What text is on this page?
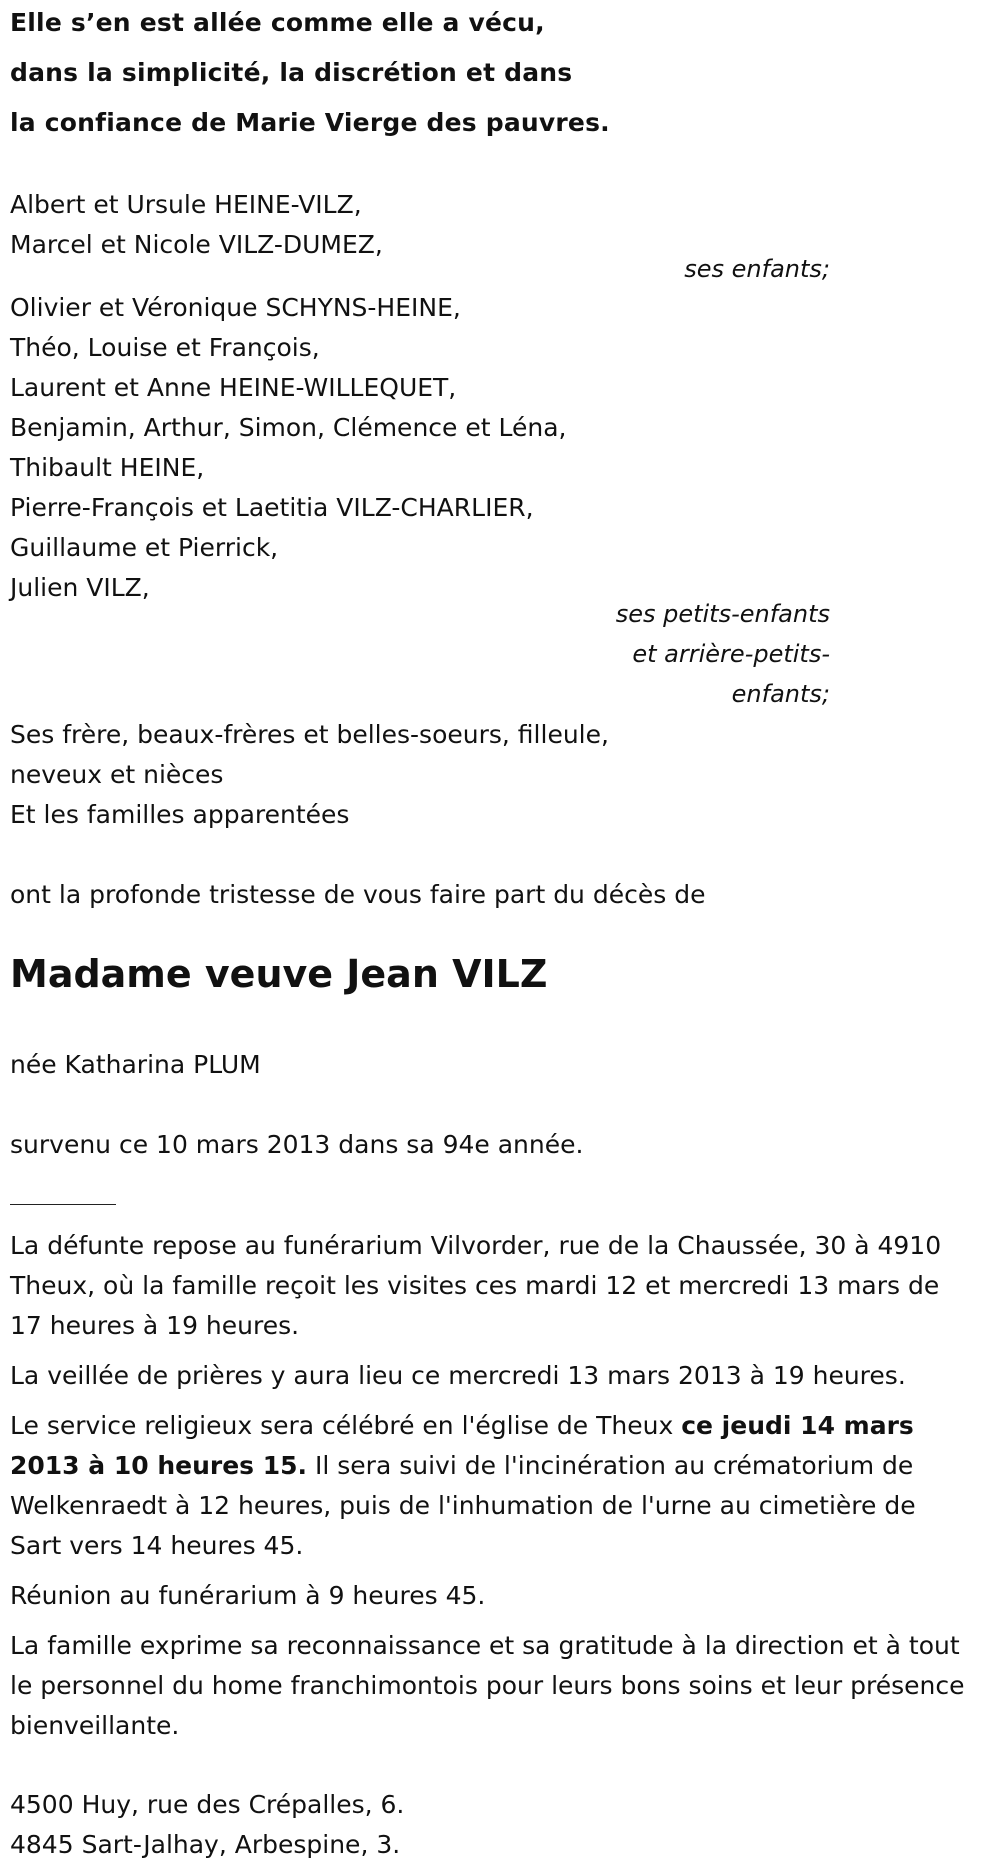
Elle s’en est allée comme elle a vécu,
dans la simplicité, la discrétion et dans
la confiance de Marie Vierge des pauvres.
Albert et Ursule HEINE-VILZ,
Marcel et Nicole VILZ-DUMEZ,
ses enfants;
Olivier et Véronique SCHYNS-HEINE,
Théo, Louise et François,
Laurent et Anne HEINE-WILLEQUET,
Benjamin, Arthur, Simon, Clémence et Léna,
Thibault HEINE,
Pierre-François et Laetitia VILZ-CHARLIER,
Guillaume et Pierrick,
Julien VILZ,
ses petits-enfants
et arrière-petits-
enfants;
Ses frère, beaux-frères et belles-soeurs, filleule,
neveux et nièces
Et les familles apparentées
ont la profonde tristesse de vous faire part du décès de
Madame veuve Jean VILZ
née Katharina PLUM
survenu ce 10 mars 2013 dans sa 94e année.

La défunte repose au funérarium Vilvorder, rue de la Chaussée, 30 à 4910 Theux, où la famille reçoit les visites ces mardi 12 et mercredi 13 mars de 17 heures à 19 heures.

La veillée de prières y aura lieu ce mercredi 13 mars 2013 à 19 heures.

Le service religieux sera célébré en l'église de Theux ce jeudi 14 mars 2013 à 10 heures 15. Il sera suivi de l'incinération au crématorium de Welkenraedt à 12 heures, puis de l'inhumation de l'urne au cimetière de Sart vers 14 heures 45.

Réunion au funérarium à 9 heures 45.

La famille exprime sa reconnaissance et sa gratitude à la direction et à tout le personnel du home franchimontois pour leurs bons soins et leur présence bienveillante.

4500 Huy, rue des Crépalles, 6.
4845 Sart-Jalhay, Arbespine, 3.
